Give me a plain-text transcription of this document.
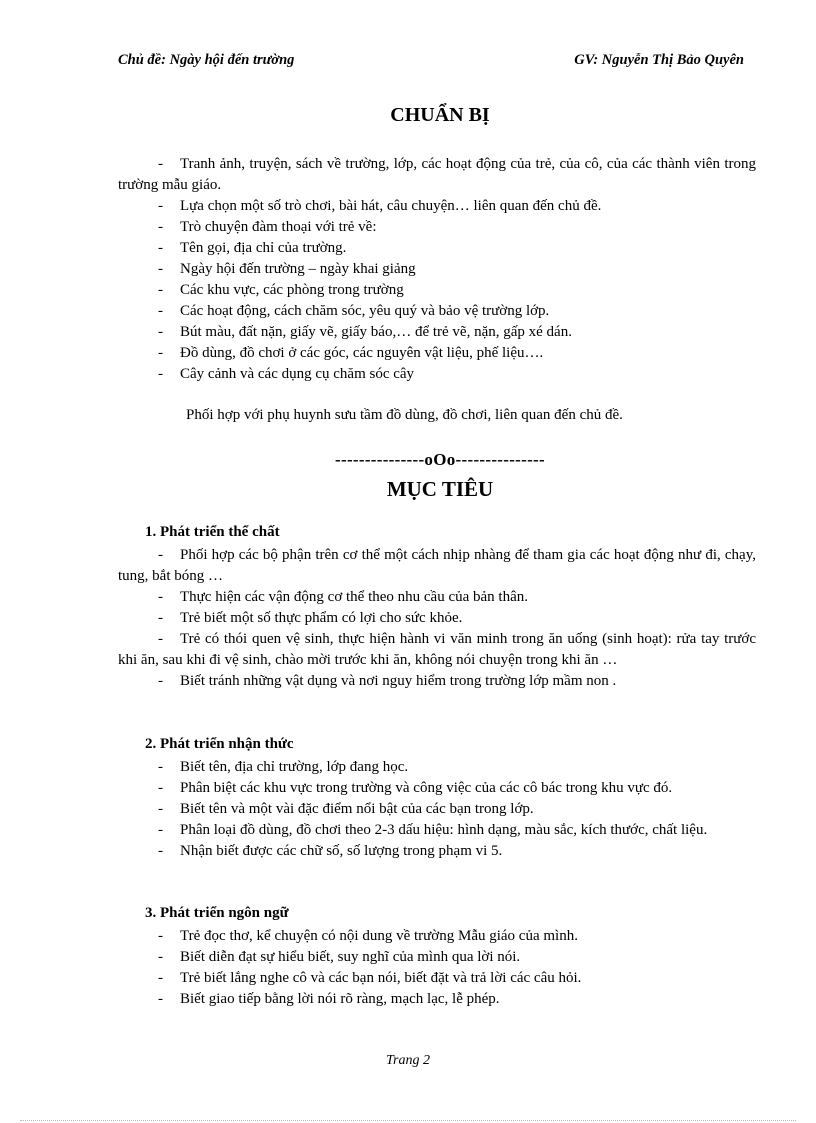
Chủ đề: Ngày hội đến trường	GV: Nguyễn Thị Bảo Quyên
CHUẨN BỊ
- Tranh ảnh, truyện, sách về trường, lớp, các hoạt động của trẻ, của cô, của các thành viên trong trường mẫu giáo.
- Lựa chọn một số trò chơi, bài hát, câu chuyện… liên quan đến chủ đề.
- Trò chuyện đàm thoại với trẻ về:
- Tên gọi, địa chỉ của trường.
- Ngày hội đến trường – ngày khai giảng
- Các khu vực, các phòng trong trường
- Các hoạt động, cách chăm sóc, yêu quý và bảo vệ trường lớp.
- Bút màu, đất nặn, giấy vẽ, giấy báo,… để trẻ vẽ, nặn, gấp xé dán.
- Đồ dùng, đồ chơi ở các góc, các nguyên vật liệu, phế liệu….
- Cây cảnh và các dụng cụ chăm sóc cây
Phối hợp với phụ huynh sưu tầm đồ dùng, đồ chơi, liên quan đến chủ đề.
---------------oOo---------------
MỤC TIÊU
1. Phát triển thể chất
- Phối hợp các bộ phận trên cơ thể một cách nhịp nhàng để tham gia các hoạt động như đi, chạy, tung, bắt bóng …
- Thực hiện các vận động cơ thể theo nhu cầu của bản thân.
- Trẻ biết một số thực phẩm có lợi cho sức khỏe.
- Trẻ có thói quen vệ sinh, thực hiện hành vi văn minh trong ăn uống (sinh hoạt): rửa tay trước khi ăn, sau khi đi vệ sinh, chào mời trước khi ăn, không nói chuyện trong khi ăn …
- Biết tránh những vật dụng và nơi nguy hiểm trong trường lớp mầm non .
2. Phát triển nhận thức
- Biết tên, địa chỉ trường, lớp đang học.
- Phân biệt các khu vực trong trường và công việc của các cô bác trong khu vực đó.
- Biết tên và một vài đặc điểm nổi bật của các bạn trong lớp.
- Phân loại đồ dùng, đồ chơi theo 2-3 dấu hiệu: hình dạng, màu sắc, kích thước, chất liệu.
- Nhận biết được các chữ số, số lượng trong phạm vi 5.
3. Phát triển ngôn ngữ
- Trẻ đọc thơ, kể chuyện có nội dung về trường Mẫu giáo của mình.
- Biết diễn đạt sự hiểu biết, suy nghĩ của mình qua lời nói.
- Trẻ biết lắng nghe cô và các bạn nói, biết đặt và trả lời các câu hỏi.
- Biết giao tiếp bằng lời nói rõ ràng, mạch lạc, lễ phép.
Trang 2
